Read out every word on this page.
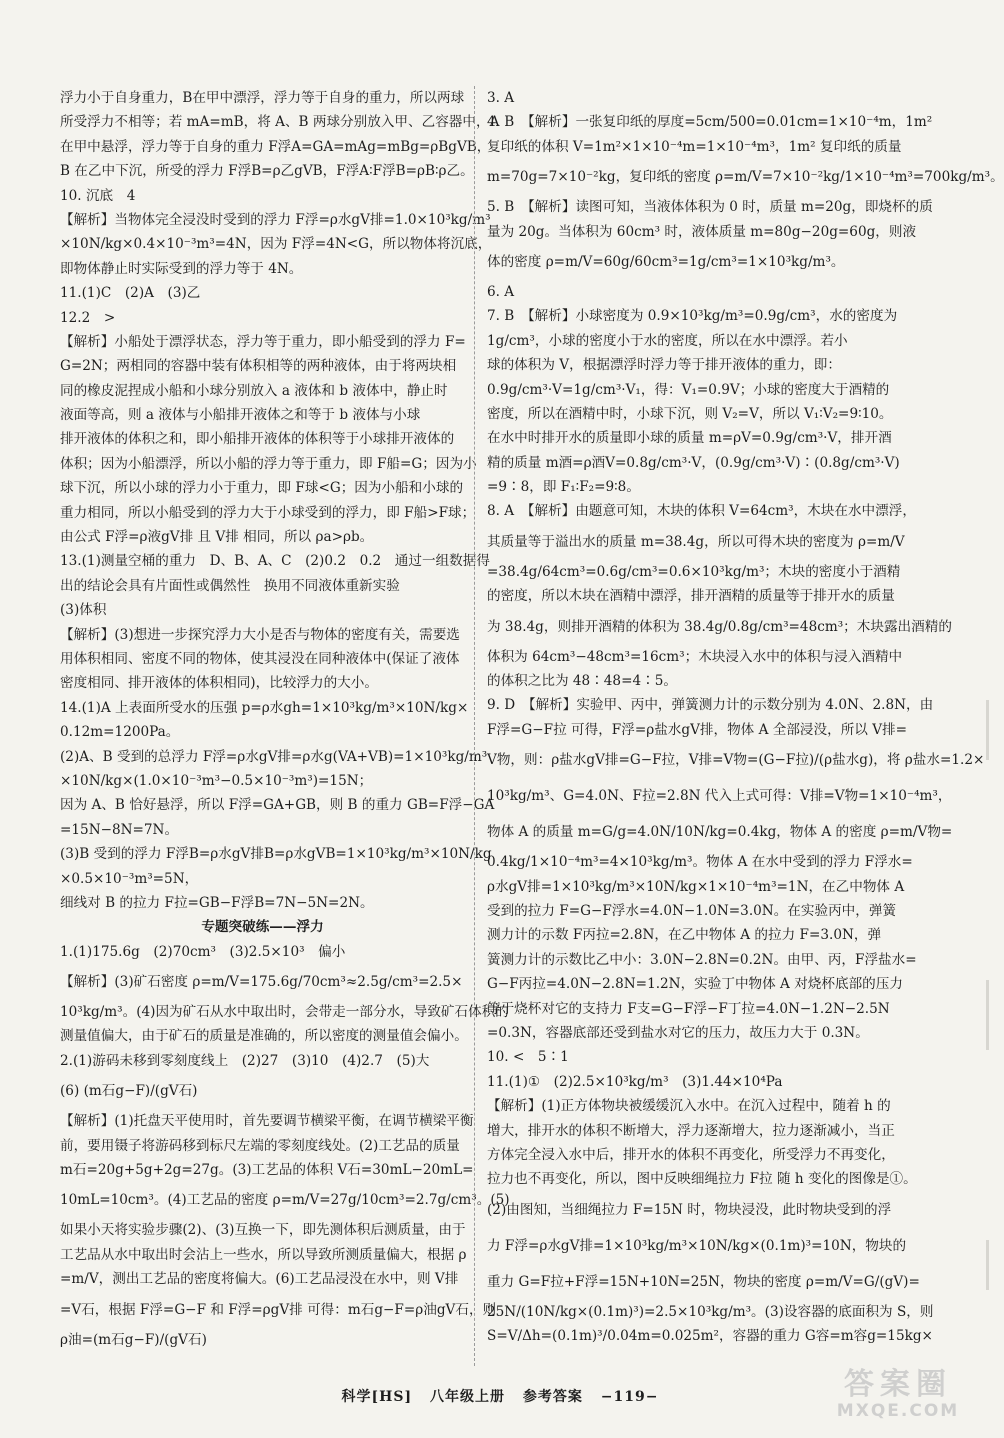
浮力小于自身重力，B在甲中漂浮，浮力等于自身的重力，所以两球
所受浮力不相等；若 mA=mB，将 A、B 两球分别放入甲、乙容器中，A
在甲中悬浮，浮力等于自身的重力 F浮A=GA=mAg=mBg=ρBgVB，
B 在乙中下沉，所受的浮力 F浮B=ρ乙gVB，F浮A∶F浮B=ρB∶ρ乙。
10. 沉底　4
【解析】当物体完全浸没时受到的浮力 F浮=ρ水gV排=1.0×10³kg/m³
×10N/kg×0.4×10⁻³m³=4N，因为 F浮=4N<G，所以物体将沉底，
即物体静止时实际受到的浮力等于 4N。
11.(1)C　(2)A　(3)乙
12.2　>
【解析】小船处于漂浮状态，浮力等于重力，即小船受到的浮力 F=
G=2N；两相同的容器中装有体积相等的两种液体，由于将两块相
同的橡皮泥捏成小船和小球分别放入 a 液体和 b 液体中，静止时
液面等高，则 a 液体与小船排开液体之和等于 b 液体与小球
排开液体的体积之和，即小船排开液体的体积等于小球排开液体的
体积；因为小船漂浮，所以小船的浮力等于重力，即 F船=G；因为小
球下沉，所以小球的浮力小于重力，即 F球<G；因为小船和小球的
重力相同，所以小船受到的浮力大于小球受到的浮力，即 F船>F球；
由公式 F浮=ρ液gV排 且 V排 相同，所以 ρa>ρb。
13.(1)测量空桶的重力　D、B、A、C　(2)0.2　0.2　通过一组数据得
出的结论会具有片面性或偶然性　换用不同液体重新实验
(3)体积
【解析】(3)想进一步探究浮力大小是否与物体的密度有关，需要选
用体积相同、密度不同的物体，使其浸没在同种液体中(保证了液体
密度相同、排开液体的体积相同)，比较浮力的大小。
14.(1)A 上表面所受水的压强 p=ρ水gh=1×10³kg/m³×10N/kg×
0.12m=1200Pa。
(2)A、B 受到的总浮力 F浮=ρ水gV排=ρ水g(VA+VB)=1×10³kg/m³
×10N/kg×(1.0×10⁻³m³−0.5×10⁻³m³)=15N；
因为 A、B 恰好悬浮，所以 F浮=GA+GB，则 B 的重力 GB=F浮−GA
=15N−8N=7N。
(3)B 受到的浮力 F浮B=ρ水gV排B=ρ水gVB=1×10³kg/m³×10N/kg
×0.5×10⁻³m³=5N，
细线对 B 的拉力 F拉=GB−F浮B=7N−5N=2N。
专题突破练——浮力
1.(1)175.6g　(2)70cm³　(3)2.5×10³　偏小
【解析】(3)矿石密度 ρ=m/V=175.6g/70cm³≈2.5g/cm³=2.5×
10³kg/m³。(4)因为矿石从水中取出时，会带走一部分水，导致矿石体积的
测量值偏大，由于矿石的质量是准确的，所以密度的测量值会偏小。
2.(1)游码未移到零刻度线上　(2)27　(3)10　(4)2.7　(5)大
(6) (m石g−F)/(gV石)
【解析】(1)托盘天平使用时，首先要调节横梁平衡，在调节横梁平衡
前，要用镊子将游码移到标尺左端的零刻度线处。(2)工艺品的质量
m石=20g+5g+2g=27g。(3)工艺品的体积 V石=30mL−20mL=
10mL=10cm³。(4)工艺品的密度 ρ=m/V=27g/10cm³=2.7g/cm³。(5)
如果小天将实验步骤(2)、(3)互换一下，即先测体积后测质量，由于
工艺品从水中取出时会沾上一些水，所以导致所测质量偏大，根据 ρ
=m/V，测出工艺品的密度将偏大。(6)工艺品浸没在水中，则 V排
=V石，根据 F浮=G−F 和 F浮=ρgV排 可得：m石g−F=ρ油gV石，则
ρ油=(m石g−F)/(gV石)
3. A
4. B　【解析】一张复印纸的厚度=5cm/500=0.01cm=1×10⁻⁴m，1m²
复印纸的体积 V=1m²×1×10⁻⁴m=1×10⁻⁴m³，1m² 复印纸的质量
m=70g=7×10⁻²kg，复印纸的密度 ρ=m/V=7×10⁻²kg/1×10⁻⁴m³=700kg/m³。
5. B　【解析】读图可知，当液体体积为 0 时，质量 m=20g，即烧杯的质
量为 20g。当体积为 60cm³ 时，液体质量 m=80g−20g=60g，则液
体的密度 ρ=m/V=60g/60cm³=1g/cm³=1×10³kg/m³。
6. A
7. B　【解析】小球密度为 0.9×10³kg/m³=0.9g/cm³，水的密度为
1g/cm³，小球的密度小于水的密度，所以在水中漂浮。若小
球的体积为 V，根据漂浮时浮力等于排开液体的重力，即：
0.9g/cm³·V=1g/cm³·V₁，得：V₁=0.9V；小球的密度大于酒精的
密度，所以在酒精中时，小球下沉，则 V₂=V，所以 V₁∶V₂=9∶10。
在水中时排开水的质量即小球的质量 m=ρV=0.9g/cm³·V，排开酒
精的质量 m酒=ρ酒V=0.8g/cm³·V，(0.9g/cm³·V)∶(0.8g/cm³·V)
=9∶8，即 F₁∶F₂=9∶8。
8. A　【解析】由题意可知，木块的体积 V=64cm³，木块在水中漂浮，
其质量等于溢出水的质量 m=38.4g，所以可得木块的密度为 ρ=m/V
=38.4g/64cm³=0.6g/cm³=0.6×10³kg/m³；木块的密度小于酒精
的密度，所以木块在酒精中漂浮，排开酒精的质量等于排开水的质量
为 38.4g，则排开酒精的体积为 38.4g/0.8g/cm³=48cm³；木块露出酒精的
体积为 64cm³−48cm³=16cm³；木块浸入水中的体积与浸入酒精中
的体积之比为 48∶48=4∶5。
9. D　【解析】实验甲、丙中，弹簧测力计的示数分别为 4.0N、2.8N，由
F浮=G−F拉 可得，F浮=ρ盐水gV排，物体 A 全部浸没，所以 V排=
V物，则：ρ盐水gV排=G−F拉，V排=V物=(G−F拉)/(ρ盐水g)，将 ρ盐水=1.2×
10³kg/m³、G=4.0N、F拉=2.8N 代入上式可得：V排=V物=1×10⁻⁴m³，
物体 A 的质量 m=G/g=4.0N/10N/kg=0.4kg，物体 A 的密度 ρ=m/V物=
0.4kg/1×10⁻⁴m³=4×10³kg/m³。物体 A 在水中受到的浮力 F浮水=
ρ水gV排=1×10³kg/m³×10N/kg×1×10⁻⁴m³=1N，在乙中物体 A
受到的拉力 F=G−F浮水=4.0N−1.0N=3.0N。在实验丙中，弹簧
测力计的示数 F丙拉=2.8N，在乙中物体 A 的拉力 F=3.0N，弹
簧测力计的示数比乙中小：3.0N−2.8N=0.2N。由甲、丙，F浮盐水=
G−F丙拉=4.0N−2.8N=1.2N，实验丁中物体 A 对烧杯底部的压力
等于烧杯对它的支持力 F支=G−F浮−F丁拉=4.0N−1.2N−2.5N
=0.3N，容器底部还受到盐水对它的压力，故压力大于 0.3N。
10. <　5∶1
11.(1)①　(2)2.5×10³kg/m³　(3)1.44×10⁴Pa
【解析】(1)正方体物块被缓缓沉入水中。在沉入过程中，随着 h 的
增大，排开水的体积不断增大，浮力逐渐增大，拉力逐渐减小，当正
方体完全浸入水中后，排开水的体积不再变化，所受浮力不再变化，
拉力也不再变化，所以，图中反映细绳拉力 F拉 随 h 变化的图像是①。
(2)由图知，当细绳拉力 F=15N 时，物块浸没，此时物块受到的浮
力 F浮=ρ水gV排=1×10³kg/m³×10N/kg×(0.1m)³=10N，物块的
重力 G=F拉+F浮=15N+10N=25N，物块的密度 ρ=m/V=G/(gV)=
25N/(10N/kg×(0.1m)³)=2.5×10³kg/m³。(3)设容器的底面积为 S，则
S=V/Δh=(0.1m)³/0.04m=0.025m²，容器的重力 G容=m容g=15kg×
科学[HS] 八年级上册 参考答案 −119−	答案圈
MXQE.COM
